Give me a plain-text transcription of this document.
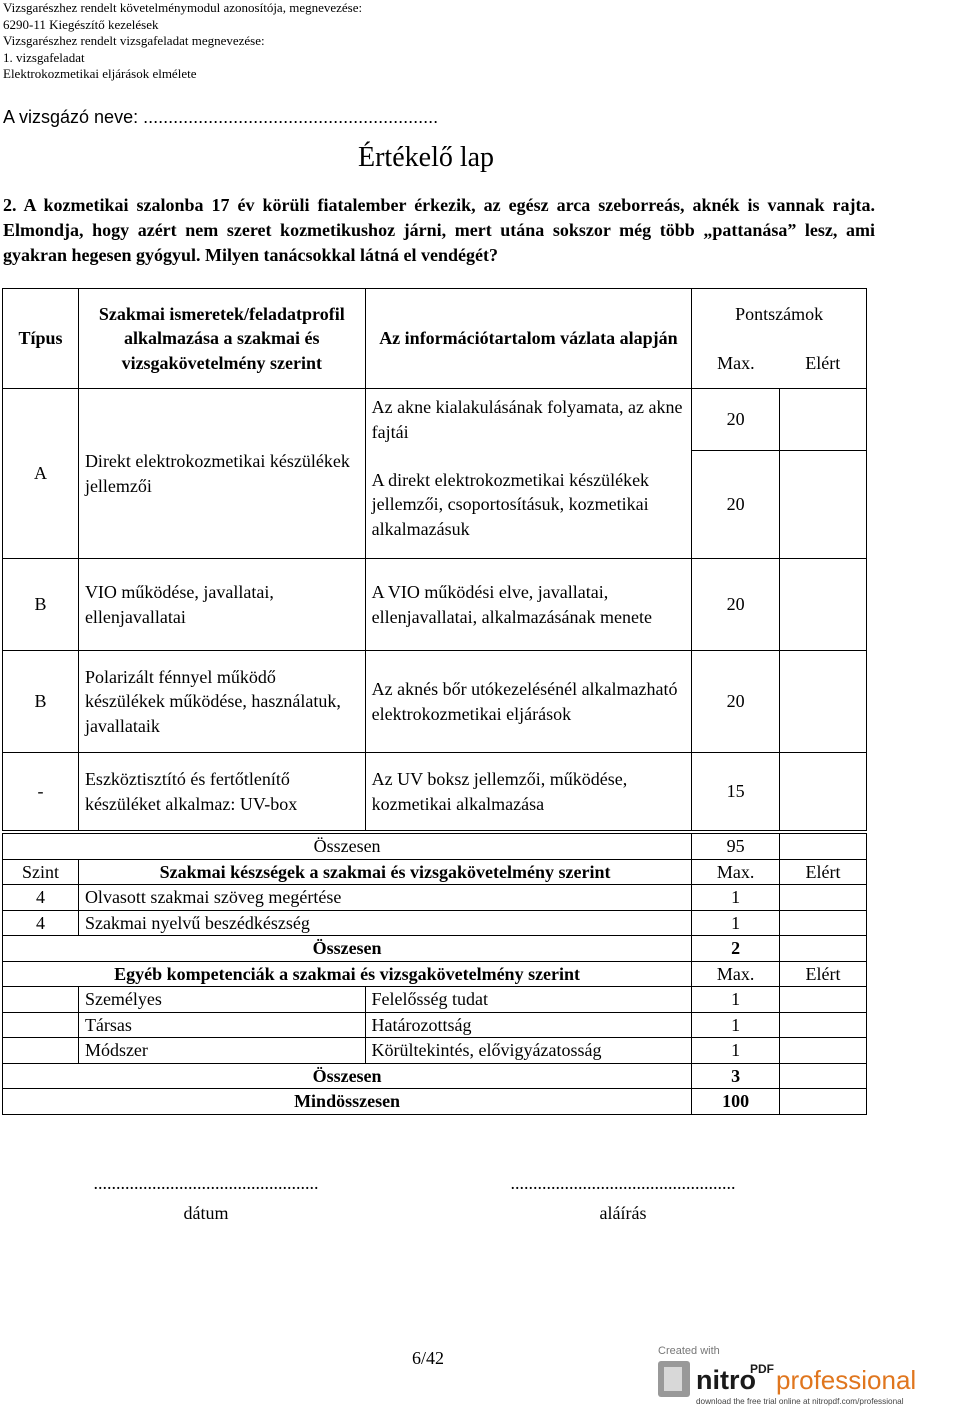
Vizsgarészhez rendelt követelménymodul azonosítója, megnevezése:
6290-11 Kiegészítő kezelések
Vizsgarészhez rendelt vizsgafeladat megnevezése:
1. vizsgafeladat
Elektrokozmetikai eljárások elmélete
A vizsgázó neve: ...........................................................
Értékelő lap
2. A kozmetikai szalonba 17 év körüli fiatalember érkezik, az egész arca szeborreás, aknék is vannak rajta. Elmondja, hogy azért nem szeret kozmetikushoz járni, mert utána sokszor még több „pattanása” lesz, ami gyakran hegesen gyógyul. Milyen tanácsokkal látná el vendégét?
Típus	Szakmai ismeretek/feladatprofil alkalmazása a szakmai és vizsgakövetelmény szerint	Az információtartalom vázlata alapján	Pontszámok	
			Max.	Elért
A	Direkt elektrokozmetikai készülékek jellemzői	Az akne kialakulásának folyamata, az akne fajtái	20	
		A direkt elektrokozmetikai készülékek jellemzői, csoportosításuk, kozmetikai alkalmazásuk	20	
B	VIO működése, javallatai, ellenjavallatai	A VIO működési elve, javallatai, ellenjavallatai, alkalmazásának menete	20	
B	Polarizált fénnyel működő készülékek működése, használatuk, javallataik	Az aknés bőr utókezelésénél alkalmazható elektrokozmetikai eljárások	20	
-	Eszköztisztító és fertőtlenítő készüléket alkalmaz: UV-box	Az UV boksz jellemzői, működése, kozmetikai alkalmazása	15	
Összesen			95	
Szint	Szakmai készségek a szakmai és vizsgakövetelmény szerint		Max.	Elért
4	Olvasott szakmai szöveg megértése		1	
4	Szakmai nyelvű beszédkészség		1	
Összesen			2	
Egyéb kompetenciák a szakmai és vizsgakövetelmény szerint			Max.	Elért
	Személyes	Felelősség tudat	1	
	Társas	Határozottság	1	
	Módszer	Körültekintés, elővigyázatosság	1	
Összesen			3	
Mindösszesen			100	
..................................................
dátum
..................................................
aláírás
6/42	Created with
nitro
PDF professional
download the free trial online at nitropdf.com/professional
